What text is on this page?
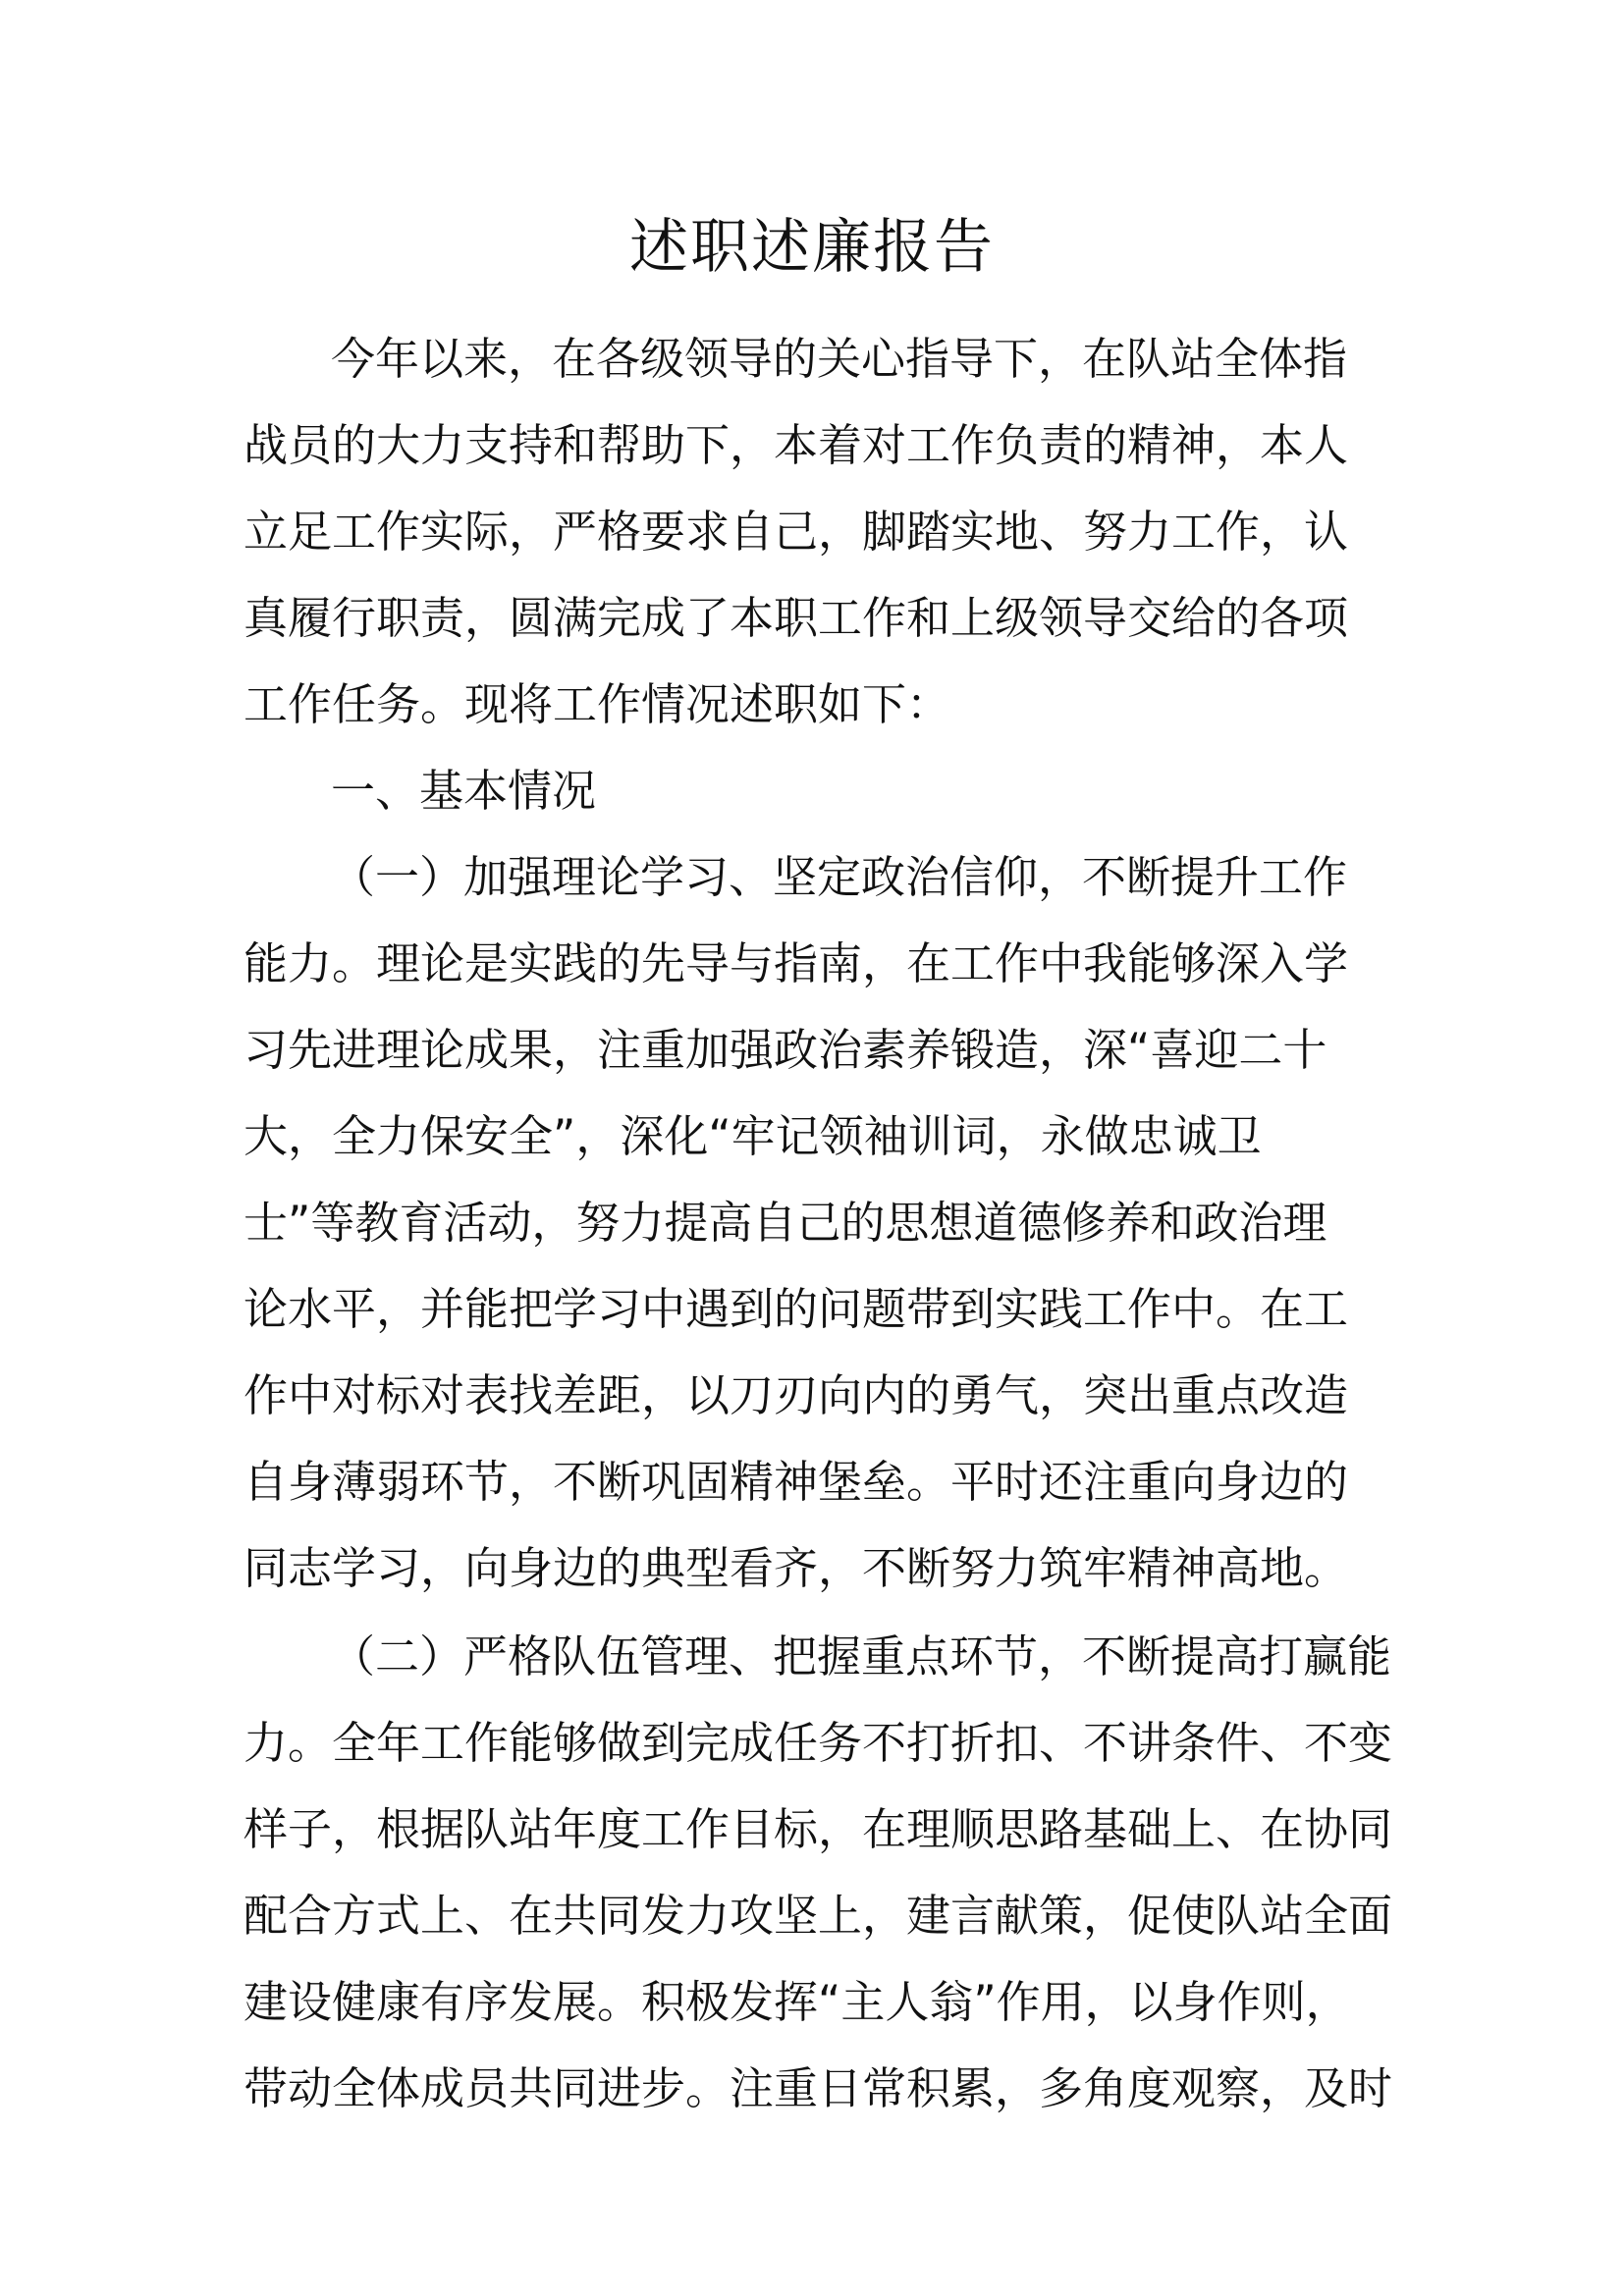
述职述廉报告

今年以来，在各级领导的关心指导下，在队站全体指

战员的大力支持和帮助下，本着对工作负责的精神，本人

立足工作实际，严格要求自己，脚踏实地、努力工作，认

真履行职责，圆满完成了本职工作和上级领导交给的各项

工作任务。现将工作情况述职如下：

一、基本情况

（一）加强理论学习、坚定政治信仰，不断提升工作

能力。理论是实践的先导与指南，在工作中我能够深入学

习先进理论成果，注重加强政治素养锻造，深“喜迎二十

大，全力保安全”，深化“牢记领袖训词，永做忠诚卫

士”等教育活动，努力提高自己的思想道德修养和政治理

论水平，并能把学习中遇到的问题带到实践工作中。在工

作中对标对表找差距，以刀刃向内的勇气，突出重点改造

自身薄弱环节，不断巩固精神堡垒。平时还注重向身边的

同志学习，向身边的典型看齐，不断努力筑牢精神高地。

（二）严格队伍管理、把握重点环节，不断提高打赢能

力。全年工作能够做到完成任务不打折扣、不讲条件、不变

样子，根据队站年度工作目标，在理顺思路基础上、在协同

配合方式上、在共同发力攻坚上，建言献策，促使队站全面

建设健康有序发展。积极发挥“主人翁”作用，以身作则，

带动全体成员共同进步。注重日常积累，多角度观察，及时
